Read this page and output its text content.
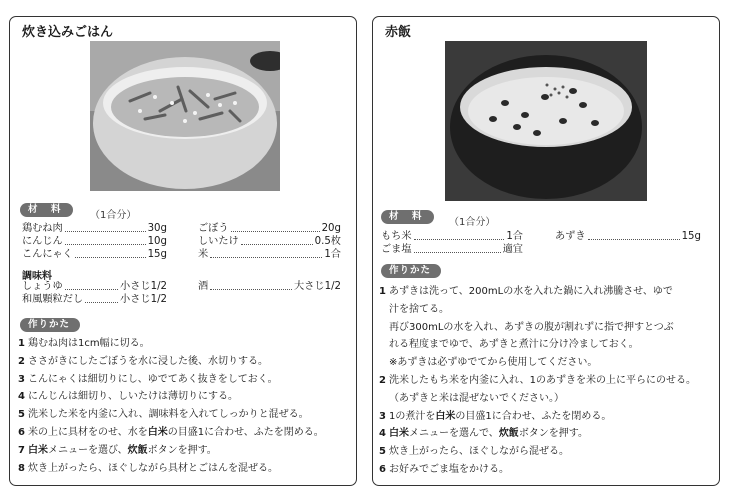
炊き込みごはん
材　料
（1合分）
鶏むね肉	30g	ごぼう	20g
にんじん	10g	しいたけ	0.5枚
こんにゃく	15g	米	1合
調味料
しょうゆ	小さじ1/2	酒	大さじ1/2
和風顆粒だし	小さじ1/2
作りかた
1 鶏むね肉は1cm幅に切る。
2 ささがきにしたごぼうを水に浸した後、水切りする。
3 こんにゃくは細切りにし、ゆでてあく抜きをしておく。
4 にんじんは細切り、しいたけは薄切りにする。
5 洗米した米を内釜に入れ、調味料を入れてしっかりと混ぜる。
6 米の上に具材をのせ、水を白米の目盛1に合わせ、ふたを閉める。
7 白米メニューを選び、炊飯ボタンを押す。
8 炊き上がったら、ほぐしながら具材とごはんを混ぜる。
赤飯
材　料
（1合分）
もち米	1合	あずき	15g
ごま塩	適宜
作りかた
1 あずきは洗って、200mLの水を入れた鍋に入れ沸騰させ、ゆで
汁を捨てる。
再び300mLの水を入れ、あずきの腹が割れずに指で押すとつぶ
れる程度までゆで、あずきと煮汁に分け冷ましておく。
※あずきは必ずゆでてから使用してください。
2 洗米したもち米を内釜に入れ、1のあずきを米の上に平らにのせる。
（あずきと米は混ぜないでください。）
3 1の煮汁を白米の目盛1に合わせ、ふたを閉める。
4 白米メニューを選んで、炊飯ボタンを押す。
5 炊き上がったら、ほぐしながら混ぜる。
6 お好みでごま塩をかける。
